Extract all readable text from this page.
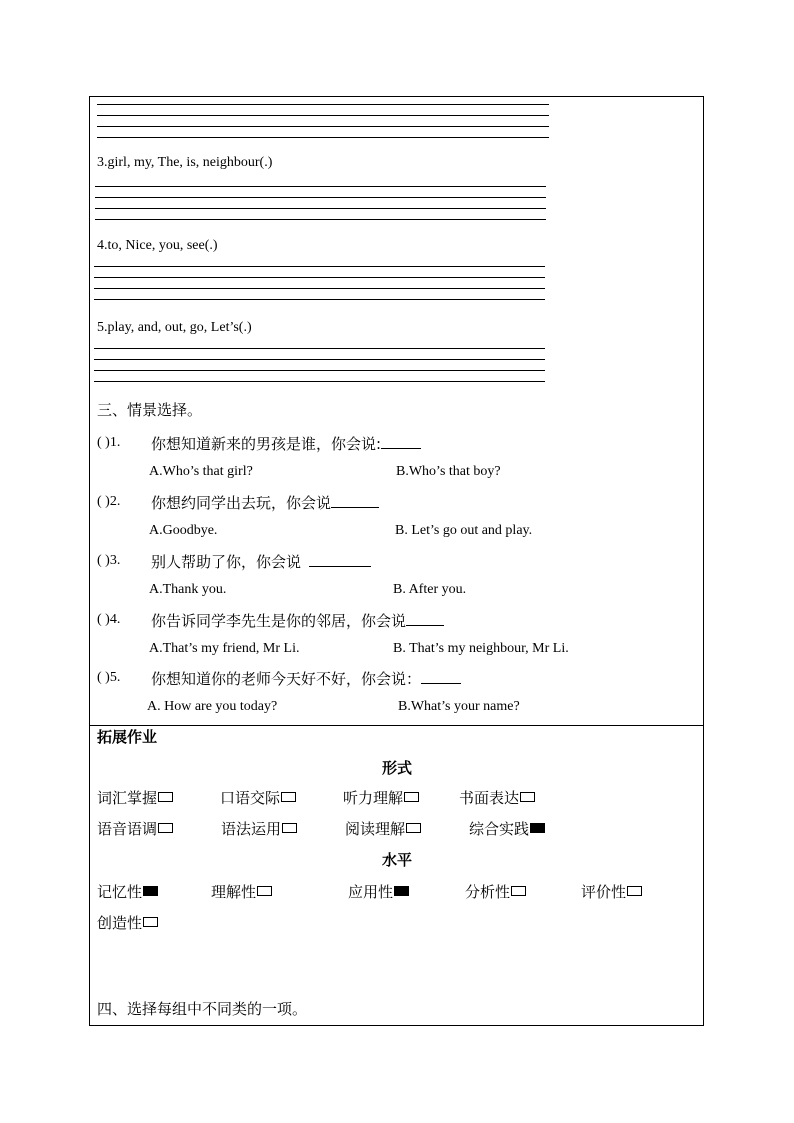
3.girl, my, The, is, neighbour(.)
4.to, Nice, you, see(.)
5.play, and, out, go, Let’s(.)
三、情景选择。
( )1. 你想知道新来的男孩是谁，你会说:
A.Who’s that girl?	B.Who’s that boy?
( )2. 你想约同学出去玩，你会说
A.Goodbye.	B. Let’s go out and play.
( )3. 别人帮助了你，你会说
A.Thank you.	B. After you.
( )4. 你告诉同学李先生是你的邻居，你会说
A.That’s my friend, Mr Li.	B. That’s my neighbour, Mr Li.
( )5. 你想知道你的老师今天好不好，你会说：
A. How are you today?	B.What’s your name?
拓展作业
形式
词汇掌握	口语交际	听力理解	书面表达
语音语调	语法运用	阅读理解	综合实践
水平
记忆性	理解性	应用性	分析性	评价性
创造性
四、选择每组中不同类的一项。
